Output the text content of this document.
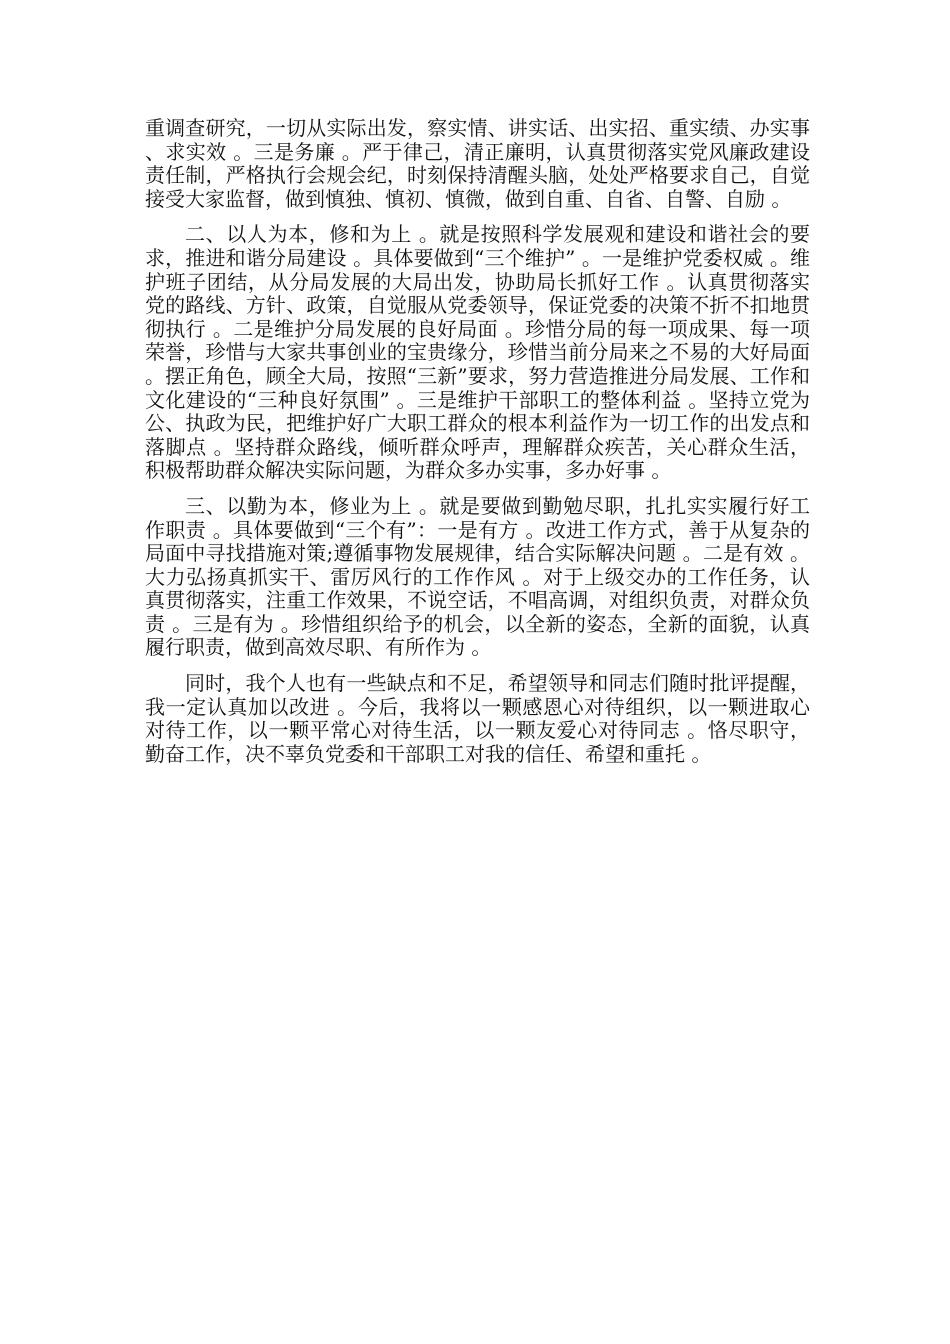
重调查研究，一切从实际出发，察实情、讲实话、出实招、重实绩、办实事、求实效 。三是务廉 。严于律己，清正廉明，认真贯彻落实党风廉政建设责任制，严格执行会规会纪，时刻保持清醒头脑，处处严格要求自己，自觉接受大家监督，做到慎独、慎初、慎微，做到自重、自省、自警、自励 。

二、以人为本，修和为上 。就是按照科学发展观和建设和谐社会的要求，推进和谐分局建设 。具体要做到“三个维护” 。一是维护党委权威 。维护班子团结，从分局发展的大局出发，协助局长抓好工作 。认真贯彻落实党的路线、方针、政策，自觉服从党委领导，保证党委的决策不折不扣地贯彻执行 。二是维护分局发展的良好局面 。珍惜分局的每一项成果、每一项荣誉，珍惜与大家共事创业的宝贵缘分，珍惜当前分局来之不易的大好局面 。摆正角色，顾全大局，按照“三新”要求，努力营造推进分局发展、工作和文化建设的“三种良好氛围” 。三是维护干部职工的整体利益 。坚持立党为公、执政为民，把维护好广大职工群众的根本利益作为一切工作的出发点和落脚点 。坚持群众路线，倾听群众呼声，理解群众疾苦，关心群众生活，积极帮助群众解决实际问题，为群众多办实事，多办好事 。

三、以勤为本，修业为上 。就是要做到勤勉尽职，扎扎实实履行好工作职责 。具体要做到“三个有”：一是有方 。改进工作方式，善于从复杂的局面中寻找措施对策;遵循事物发展规律，结合实际解决问题 。二是有效 。大力弘扬真抓实干、雷厉风行的工作作风 。对于上级交办的工作任务，认真贯彻落实，注重工作效果，不说空话，不唱高调，对组织负责，对群众负责 。三是有为 。珍惜组织给予的机会，以全新的姿态，全新的面貌，认真履行职责，做到高效尽职、有所作为 。

同时，我个人也有一些缺点和不足，希望领导和同志们随时批评提醒，我一定认真加以改进 。今后，我将以一颗感恩心对待组织，以一颗进取心对待工作，以一颗平常心对待生活，以一颗友爱心对待同志 。恪尽职守，勤奋工作，决不辜负党委和干部职工对我的信任、希望和重托 。
